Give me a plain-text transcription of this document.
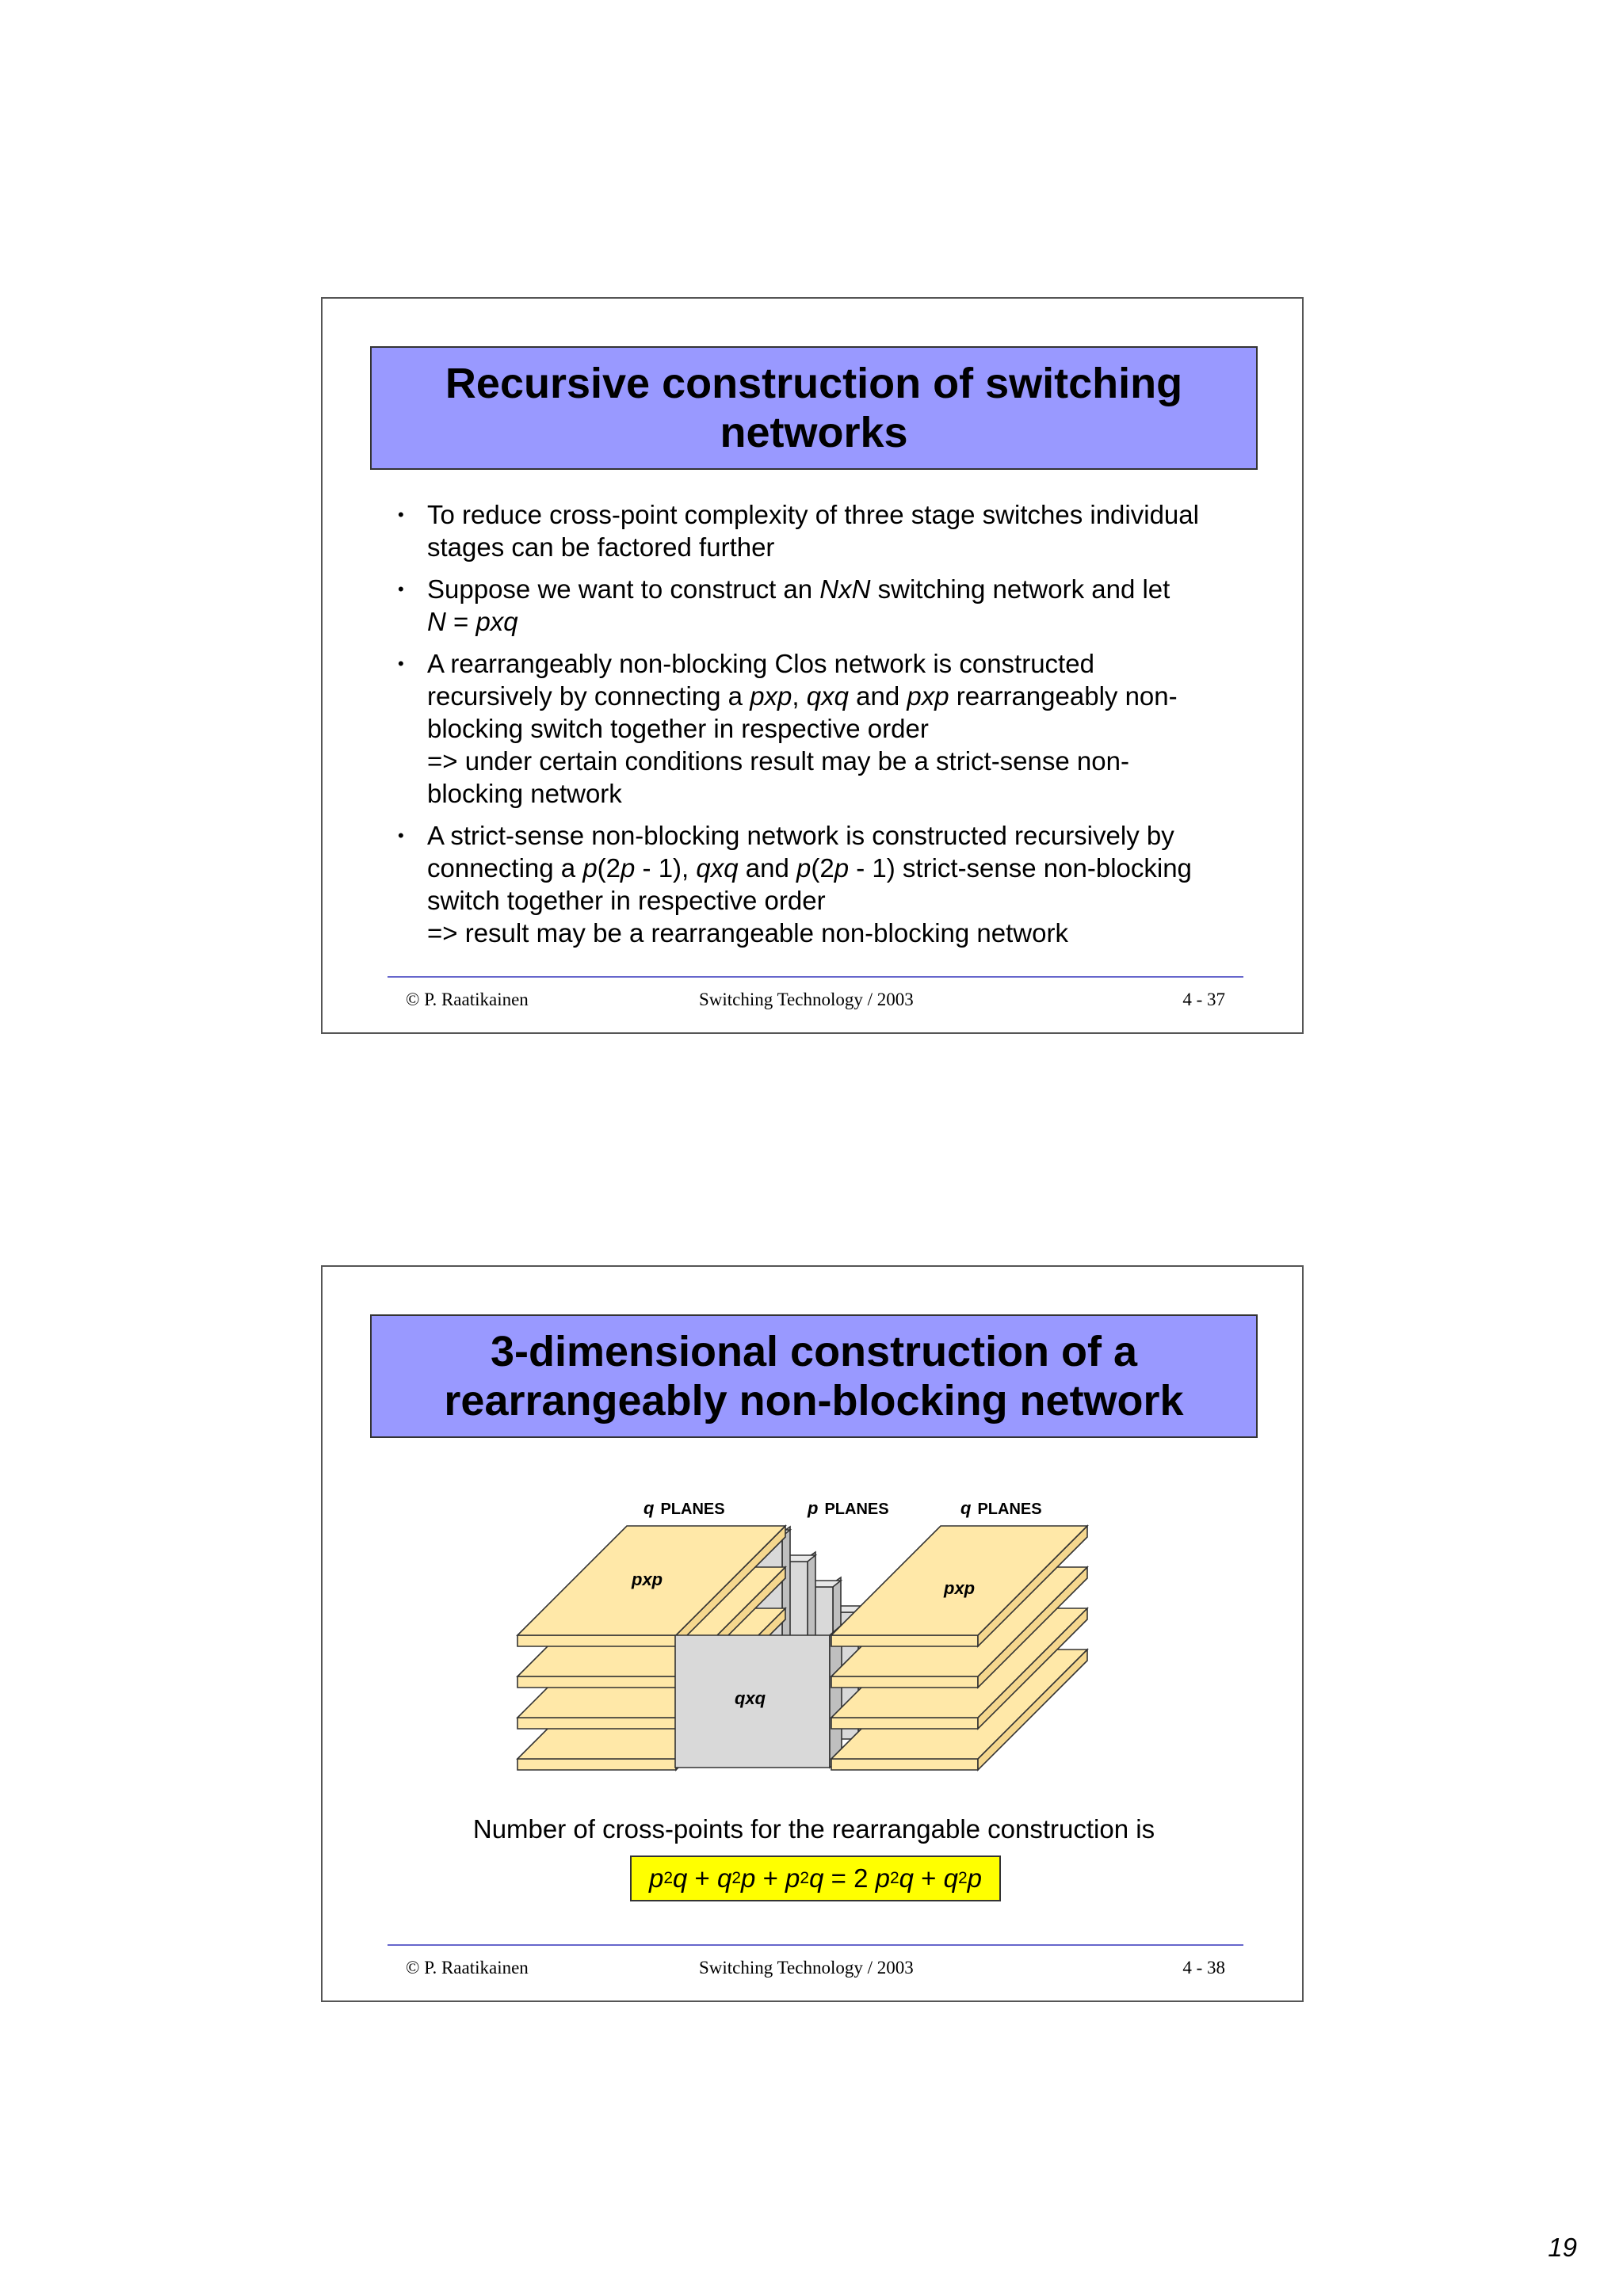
Recursive construction of switching
networks
• To reduce cross-point complexity of three stage switches individual
stages can be factored further
• Suppose we want to construct an NxN switching network and let
N = pxq
• A rearrangeably non-blocking Clos network is constructed
recursively by connecting a pxp, qxq and pxp rearrangeably non-
blocking switch together in respective order
=> under certain conditions result may be a strict-sense non-
blocking network
• A strict-sense non-blocking network is constructed recursively by
connecting a p(2p - 1), qxq and p(2p - 1) strict-sense non-blocking
switch together in respective order
=> result may be a rearrangeable non-blocking network
© P. Raatikainen	Switching Technology / 2003	4 - 37
3-dimensional construction of a
rearrangeably non-blocking network
q PLANES	p PLANES	q PLANES
pxp	pxp
qxq
Number of cross-points for the rearrangable construction is
p 2 q
+
q 2 p
+
p 2 q
=
2
p 2 q
+
q 2 p
© P. Raatikainen	Switching Technology / 2003	4 - 38
19
